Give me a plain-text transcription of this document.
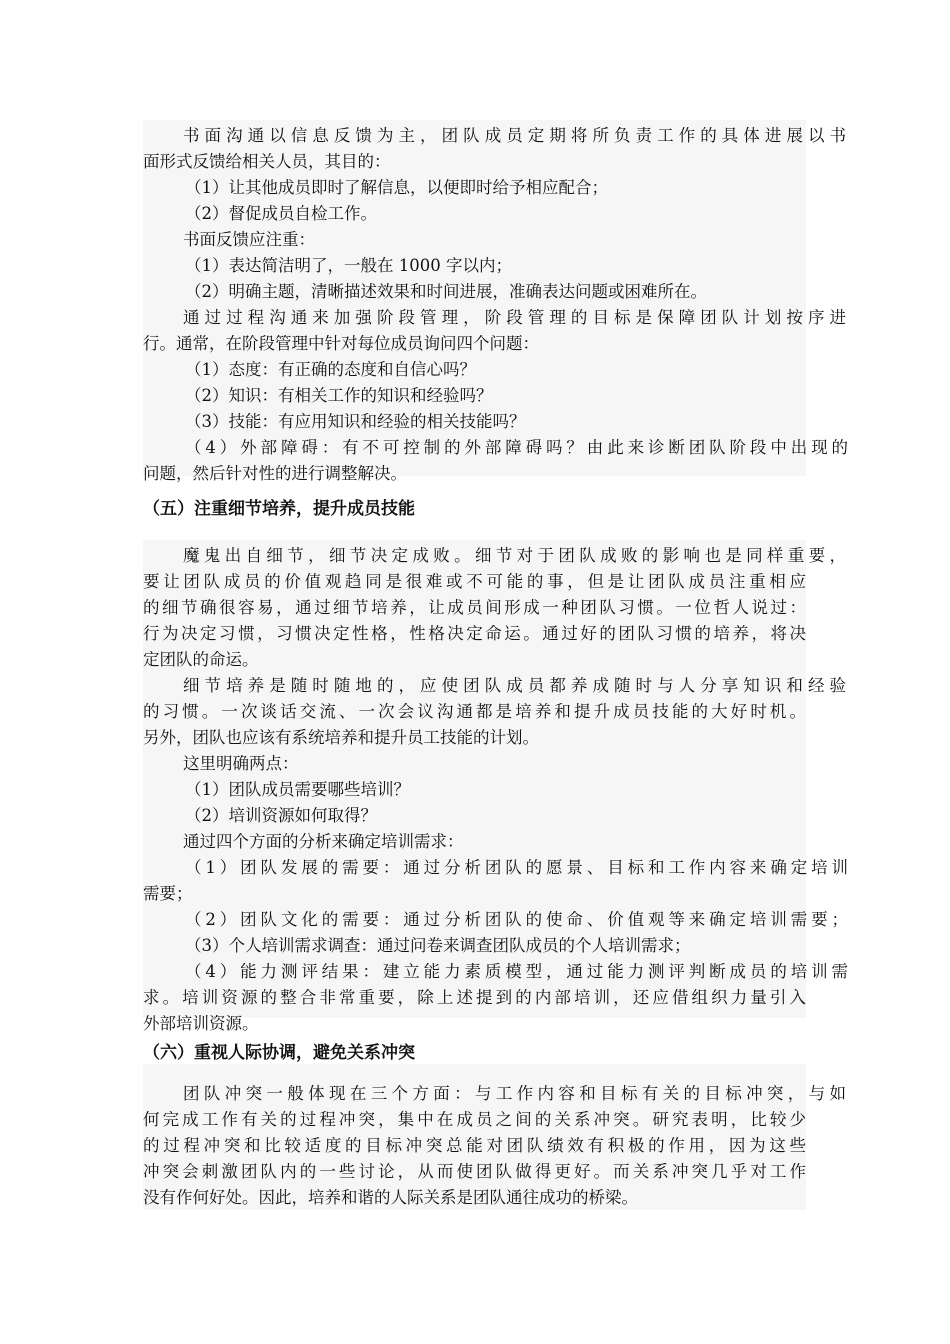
书面沟通以信息反馈为主，团队成员定期将所负责工作的具体进展以书
面形式反馈给相关人员，其目的：
（1）让其他成员即时了解信息，以便即时给予相应配合；
（2）督促成员自检工作。
书面反馈应注重：
（1）表达简洁明了，一般在 1000 字以内；
（2）明确主题，清晰描述效果和时间进展，准确表达问题或困难所在。
通过过程沟通来加强阶段管理，阶段管理的目标是保障团队计划按序进
行。通常，在阶段管理中针对每位成员询问四个问题：
（1）态度：有正确的态度和自信心吗？
（2）知识：有相关工作的知识和经验吗？
（3）技能：有应用知识和经验的相关技能吗？
（4）外部障碍：有不可控制的外部障碍吗？由此来诊断团队阶段中出现的
问题，然后针对性的进行调整解决。
（五）注重细节培养，提升成员技能
魔鬼出自细节，细节决定成败。细节对于团队成败的影响也是同样重要，
要让团队成员的价值观趋同是很难或不可能的事，但是让团队成员注重相应
的细节确很容易，通过细节培养，让成员间形成一种团队习惯。一位哲人说过：
行为决定习惯，习惯决定性格，性格决定命运。通过好的团队习惯的培养，将决
定团队的命运。
细节培养是随时随地的，应使团队成员都养成随时与人分享知识和经验
的习惯。一次谈话交流、一次会议沟通都是培养和提升成员技能的大好时机。
另外，团队也应该有系统培养和提升员工技能的计划。
这里明确两点：
（1）团队成员需要哪些培训？
（2）培训资源如何取得？
通过四个方面的分析来确定培训需求：
（1）团队发展的需要：通过分析团队的愿景、目标和工作内容来确定培训
需要；
（2）团队文化的需要：通过分析团队的使命、价值观等来确定培训需要；
（3）个人培训需求调查：通过问卷来调查团队成员的个人培训需求；
（4）能力测评结果：建立能力素质模型，通过能力测评判断成员的培训需
求。培训资源的整合非常重要，除上述提到的内部培训，还应借组织力量引入
外部培训资源。
（六）重视人际协调，避免关系冲突
团队冲突一般体现在三个方面：与工作内容和目标有关的目标冲突，与如
何完成工作有关的过程冲突，集中在成员之间的关系冲突。研究表明，比较少
的过程冲突和比较适度的目标冲突总能对团队绩效有积极的作用，因为这些
冲突会刺激团队内的一些讨论，从而使团队做得更好。而关系冲突几乎对工作
没有作何好处。因此，培养和谐的人际关系是团队通往成功的桥梁。
